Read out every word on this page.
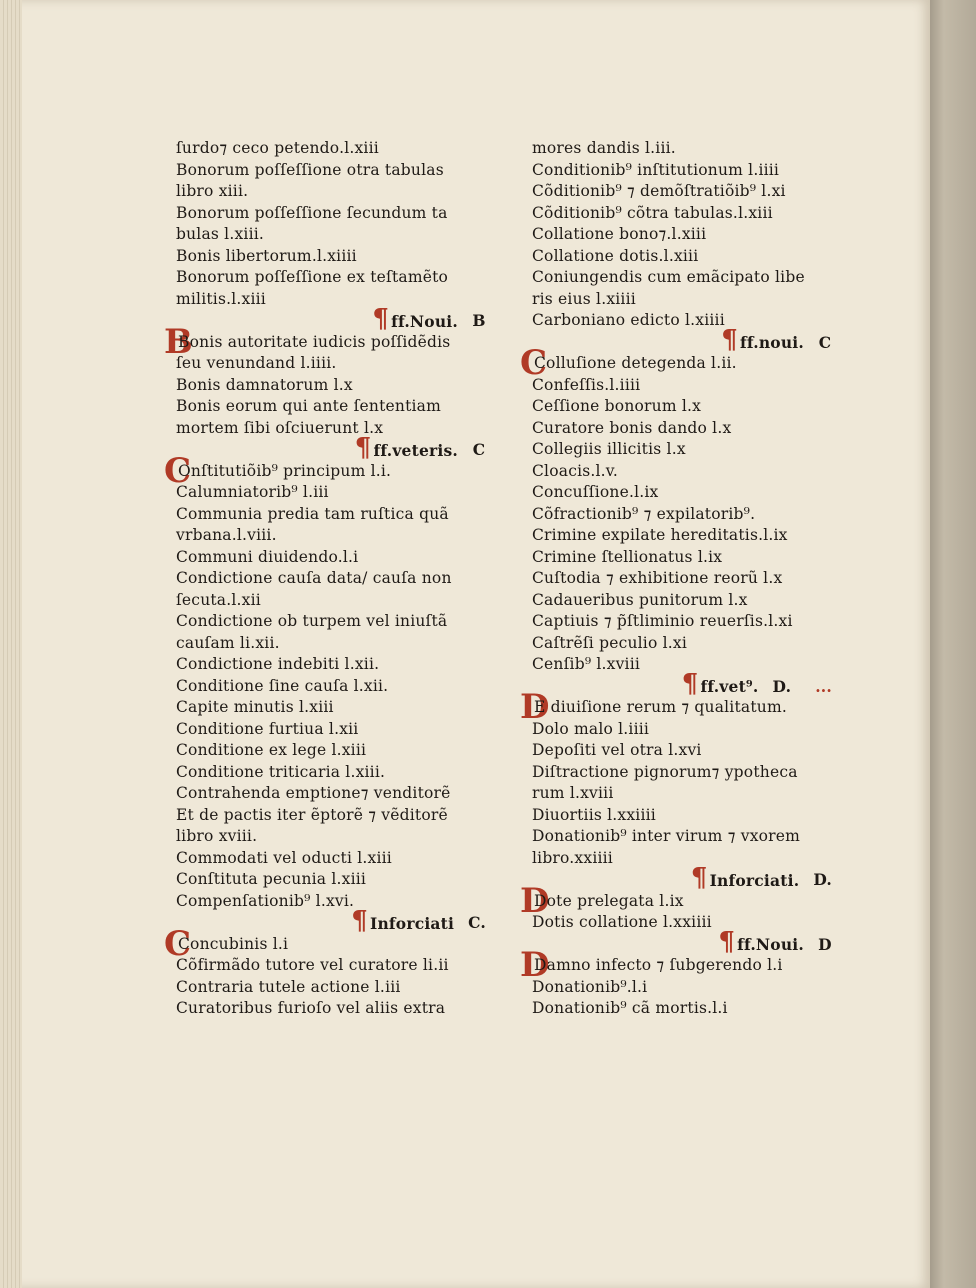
ſurdo⁊ ceco petendo.l.xiii
Bonorum poſſeſſione otra tabulas
libro xiii.
Bonorum poſſeſſione ſecundum ta
bulas l.xiii.
Bonis libertorum.l.xiiii
Bonorum poſſeſſione ex teſtamẽto
militis.l.xiii
¶ ff.Noui. B
BBonis autoritate iudicis poſſidẽdis
ſeu venundand l.iiii.
Bonis damnatorum l.x
Bonis eorum qui ante ſententiam
mortem ſibi oſciuerunt l.x
¶ ff.veteris. C
COnſtitutiõib⁹ principum l.i.
Calumniatorib⁹ l.iii
Communia predia tam ruſtica quã
vrbana.l.viii.
Communi diuidendo.l.i
Condictione cauſa data/ cauſa non
ſecuta.l.xii
Condictione ob turpem vel iniuſtã
cauſam li.xii.
Condictione indebiti l.xii.
Conditione ſine cauſa l.xii.
Capite minutis l.xiii
Conditione furtiua l.xii
Conditione ex lege l.xiii
Conditione triticaria l.xiii.
Contrahenda emptione⁊ venditorẽ
Et de pactis iter ẽptorẽ ⁊ vẽditorẽ
libro xviii.
Commodati vel oducti l.xiii
Conſtituta pecunia l.xiii
Compenſationib⁹ l.xvi.
¶ Inforciati C.
CConcubinis l.i
Cõfirmãdo tutore vel curatore li.ii
Contraria tutele actione l.iii
Curatoribus furioſo vel aliis extra
mores dandis l.iii.
Conditionib⁹ inſtitutionum l.iiii
Cõditionib⁹ ⁊ demõſtratiõib⁹ l.xi
Cõditionib⁹ cõtra tabulas.l.xiii
Collatione bono⁊.l.xiii
Collatione dotis.l.xiii
Coniungendis cum emãcipato libe
ris eius l.xiiii
Carboniano edicto l.xiiii
¶ ff.noui. C
CColluſione detegenda l.ii.
Confeſſis.l.iiii
Ceſſione bonorum l.x
Curatore bonis dando l.x
Collegiis illicitis l.x
Cloacis.l.v.
Concuſſione.l.ix
Cõfractionib⁹ ⁊ expilatorib⁹.
Crimine expilate hereditatis.l.ix
Crimine ſtellionatus l.ix
Cuſtodia ⁊ exhibitione reorũ l.x
Cadaueribus punitorum l.x
Captiuis ⁊ p̃ſtliminio reuerſis.l.xi
Caſtrẽſi peculio l.xi
Cenſib⁹ l.xviii
¶ ff.vet⁹. D. ...
DE diuiſione rerum ⁊ qualitatum.
Dolo malo l.iiii
Depoſiti vel otra l.xvi
Diſtractione pignorum⁊ ypotheca
rum l.xviii
Diuortiis l.xxiiii
Donationib⁹ inter virum ⁊ vxorem
libro.xxiiii
¶ Inforciati. D.
DDote prelegata l.ix
Dotis collatione l.xxiiii
¶ ff.Noui. D
DDamno infecto ⁊ ſubgerendo l.i
Donationib⁹.l.i
Donationib⁹ cã mortis.l.i
